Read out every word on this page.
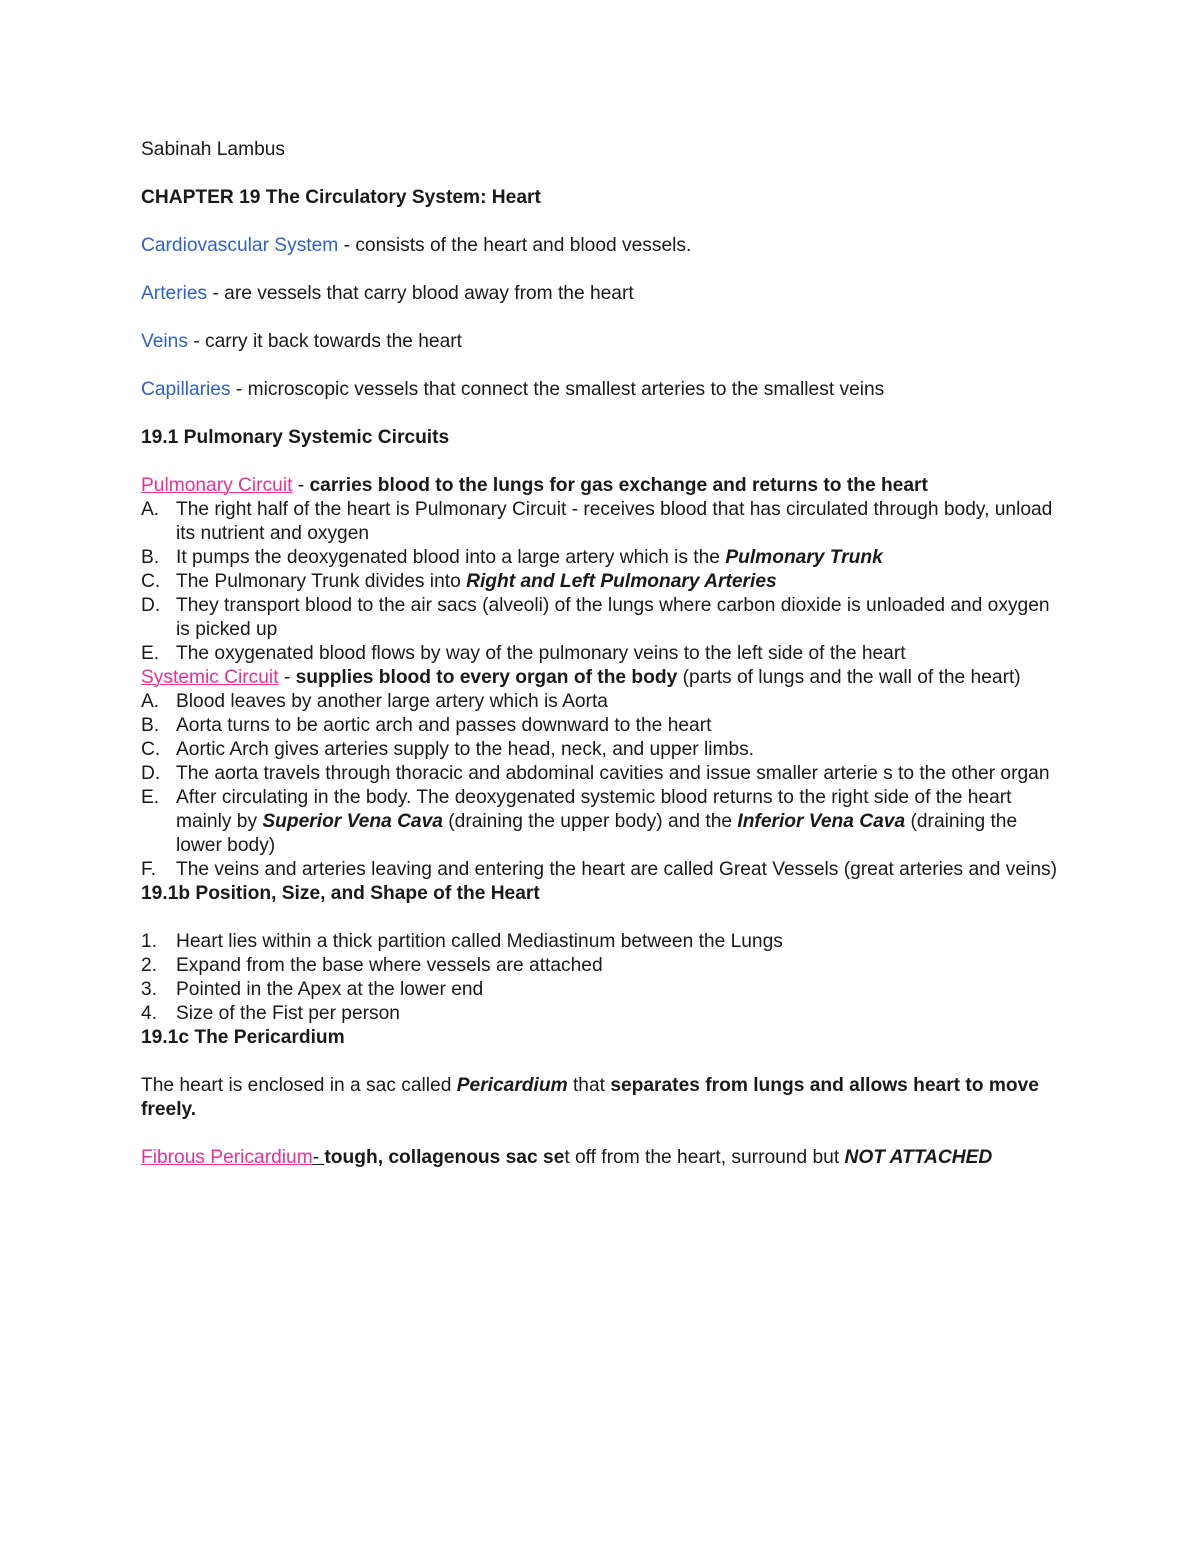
Sabinah Lambus

CHAPTER 19 The Circulatory System: Heart

Cardiovascular System - consists of the heart and blood vessels.

Arteries - are vessels that carry blood away from the heart

Veins - carry it back towards the heart

Capillaries - microscopic vessels that connect the smallest arteries to the smallest veins

19.1 Pulmonary Systemic Circuits

Pulmonary Circuit - carries blood to the lungs for gas exchange and returns to the heart

A. The right half of the heart is Pulmonary Circuit - receives blood that has circulated through body, unload its nutrient and oxygen
B. It pumps the deoxygenated blood into a large artery which is the Pulmonary Trunk
C. The Pulmonary Trunk divides into Right and Left Pulmonary Arteries
D. They transport blood to the air sacs (alveoli) of the lungs where carbon dioxide is unloaded and oxygen is picked up
E. The oxygenated blood flows by way of the pulmonary veins to the left side of the heart

Systemic Circuit - supplies blood to every organ of the body (parts of lungs and the wall of the heart)

A. Blood leaves by another large artery which is Aorta
B. Aorta turns to be aortic arch and passes downward to the heart
C. Aortic Arch gives arteries supply to the head, neck, and upper limbs.
D. The aorta travels through thoracic and abdominal cavities and issue smaller arterie s to the other organ
E. After circulating in the body. The deoxygenated systemic blood returns to the right side of the heart mainly by Superior Vena Cava (draining the upper body) and the Inferior Vena Cava (draining the lower body)
F. The veins and arteries leaving and entering the heart are called Great Vessels (great arteries and veins)

19.1b Position, Size, and Shape of the Heart

1. Heart lies within a thick partition called Mediastinum between the Lungs
2. Expand from the base where vessels are attached
3. Pointed in the Apex at the lower end
4. Size of the Fist per person

19.1c The Pericardium

The heart is enclosed in a sac called Pericardium that separates from lungs and allows heart to move freely.

Fibrous Pericardium- tough, collagenous sac set off from the heart, surround but NOT ATTACHED
